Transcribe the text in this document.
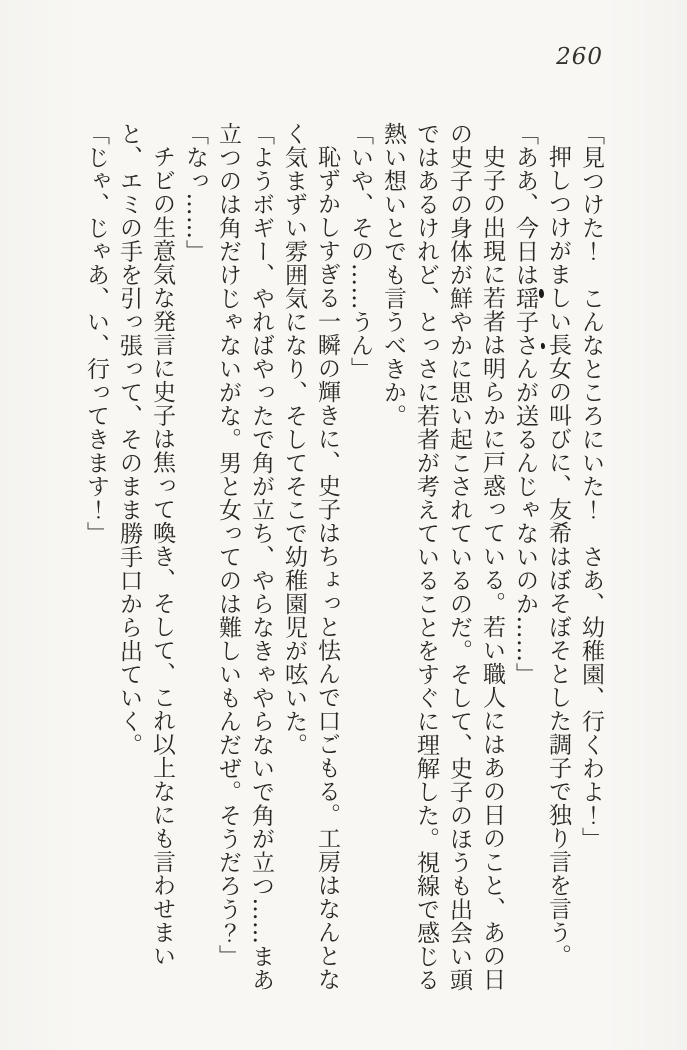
260

「見つけた！　こんなところにいた！　さあ、幼稚園、行くわよ！」

押しつけがましい長女の叫びに、友希はぼそぼそとした調子で独り言を言う。

「ああ、今日は瑶子さんが送るんじゃないのか……」

史子の出現に若者は明らかに戸惑っている。若い職人にはあの日のこと、あの日の史子の身体が鮮やかに思い起こされているのだ。そして、史子のほうも出会い頭ではあるけれど、とっさに若者が考えていることをすぐに理解した。視線で感じる熱い想いとでも言うべきか。

「いや、その……うん」

恥ずかしすぎる一瞬の輝きに、史子はちょっと怯んで口ごもる。工房はなんとなく気まずい雰囲気になり、そしてそこで幼稚園児が呟いた。

「ようボギー、やればやったで角が立ち、やらなきゃやらないで角が立つ……まあ立つのは角だけじゃないがな。男と女ってのは難しいもんだぜ。そうだろう？」

「なっ……」

チビの生意気な発言に史子は焦って喚き、そして、これ以上なにも言わせまいと、エミの手を引っ張って、そのまま勝手口から出ていく。

「じゃ、じゃあ、い、行ってきます！」
